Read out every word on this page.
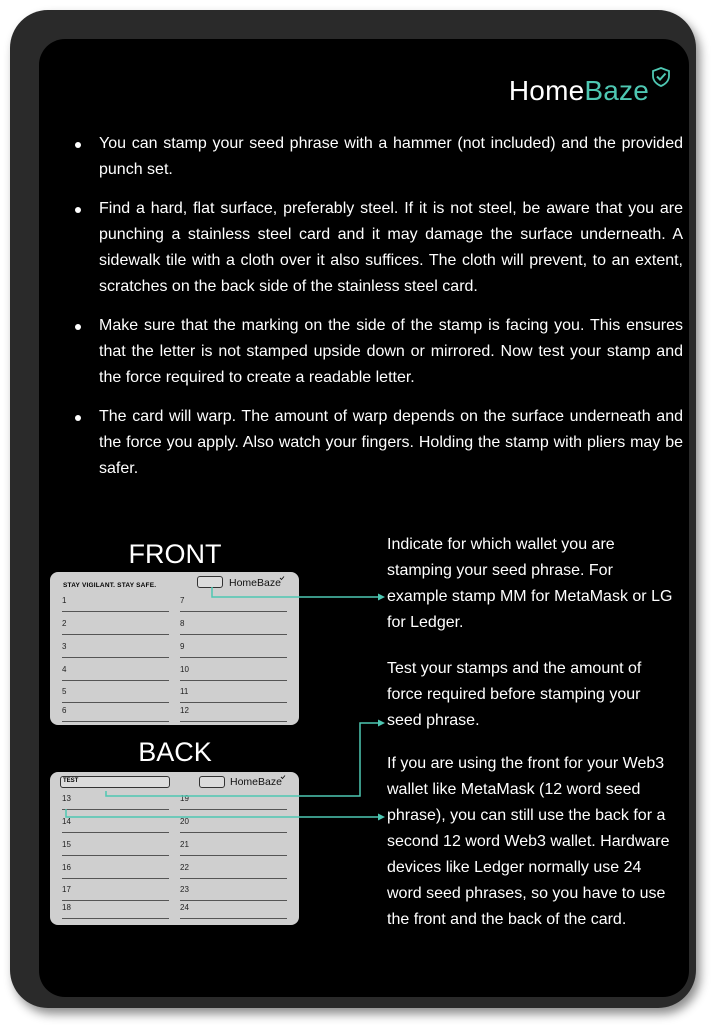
HomeBaze
You can stamp your seed phrase with a hammer (not included) and the provided punch set.
Find a hard, flat surface, preferably steel. If it is not steel, be aware that you are punching a stainless steel card and it may damage the surface underneath. A sidewalk tile with a cloth over it also suffices. The cloth will prevent, to an extent, scratches on the back side of the stainless steel card.
Make sure that the marking on the side of the stamp is facing you. This ensures that the letter is not stamped upside down or mirrored. Now test your stamp and the force required to create a readable letter.
The card will warp. The amount of warp depends on the surface underneath and the force you apply. Also watch your fingers. Holding the stamp with pliers may be safer.
FRONT
STAY VIGILANT. STAY SAFE.	HomeBaze
1
2
3
4
5
6
7
8
9
10
11
12
BACK
TEST	HomeBaze
13
14
15
16
17
18
19
20
21
22
23
24
Indicate for which wallet you are stamping your seed phrase. For example stamp MM for MetaMask or LG for Ledger.
Test your stamps and the amount of force required before stamping your seed phrase.
If you are using the front for your Web3 wallet like MetaMask (12 word seed phrase), you can still use the back for a second 12 word Web3 wallet. Hardware devices like Ledger normally use 24 word seed phrases, so you have to use the front and the back of the card.
